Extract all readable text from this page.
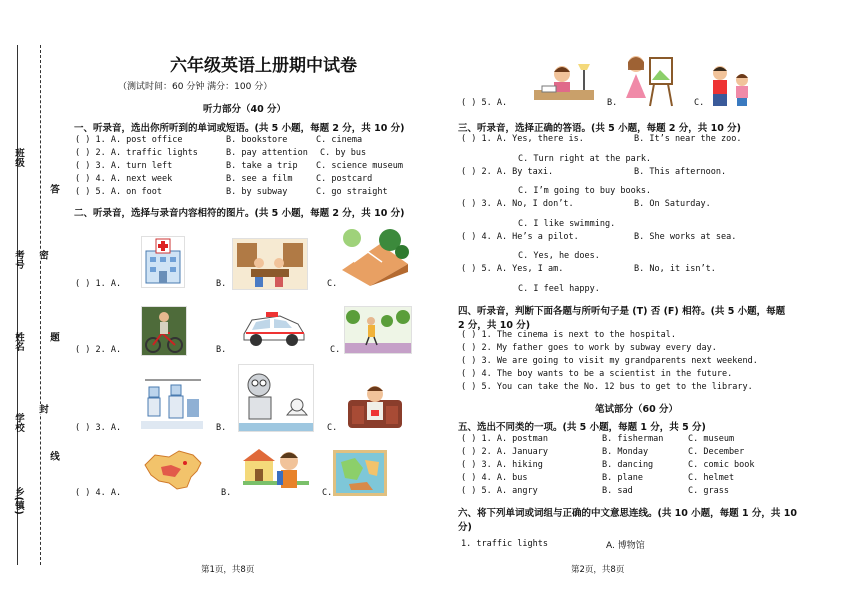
班级
考号
姓名
学校
乡(镇)
答
密
题
封
线
六年级英语上册期中试卷
（测试时间：60 分钟 满分：100 分）
听力部分（40 分）
一、听录音，选出你所听到的单词或短语。(共 5 小题，每题 2 分，共 10 分)
( ) 1. A. post office	B. bookstore	C. cinema
( ) 2. A. traffic lights	B. pay attention C. by bus
( ) 3. A. turn left	B. take a trip C. science museum
( ) 4. A. next week	B. see a film	C. postcard
( ) 5. A. on foot	B. by subway	C. go straight
二、听录音，选择与录音内容相符的图片。(共 5 小题，每题 2 分，共 10 分)
( ) 1. A.	B.	C.
( ) 2. A.	B.	C.
( ) 3. A.	B.	C.
( ) 4. A.	B.	C.
第1页，共8页
( ) 5. A.	B.	C.
三、听录音，选择正确的答语。(共 5 小题，每题 2 分，共 10 分)
( ) 1. A. Yes, there is.	B. It’s near the zoo.
C. Turn right at the park.
( ) 2. A. By taxi.	B. This afternoon.
C. I’m going to buy books.
( ) 3. A. No, I don’t.	B. On Saturday.
C. I like swimming.
( ) 4. A. He’s a pilot.	B. She works at sea.
C. Yes, he does.
( ) 5. A. Yes, I am.	B. No, it isn’t.
C. I feel happy.
四、听录音，判断下面各题与所听句子是 (T) 否 (F) 相符。(共 5 小题，每题
2 分，共 10 分)
( ) 1. The cinema is next to the hospital.
( ) 2. My father goes to work by subway every day.
( ) 3. We are going to visit my grandparents next weekend.
( ) 4. The boy wants to be a scientist in the future.
( ) 5. You can take the No. 12 bus to get to the library.
笔试部分（60 分）
五、选出不同类的一项。(共 5 小题，每题 1 分，共 5 分)
( ) 1. A. postman	B. fisherman	C. museum
( ) 2. A. January	B. Monday	C. December
( ) 3. A. hiking	B. dancing	C. comic book
( ) 4. A. bus	B. plane	C. helmet
( ) 5. A. angry	B. sad	C. grass
六、将下列单词或词组与正确的中文意思连线。(共 10 小题，每题 1 分，共 10
分)
1. traffic lights	A. 博物馆
第2页，共8页
